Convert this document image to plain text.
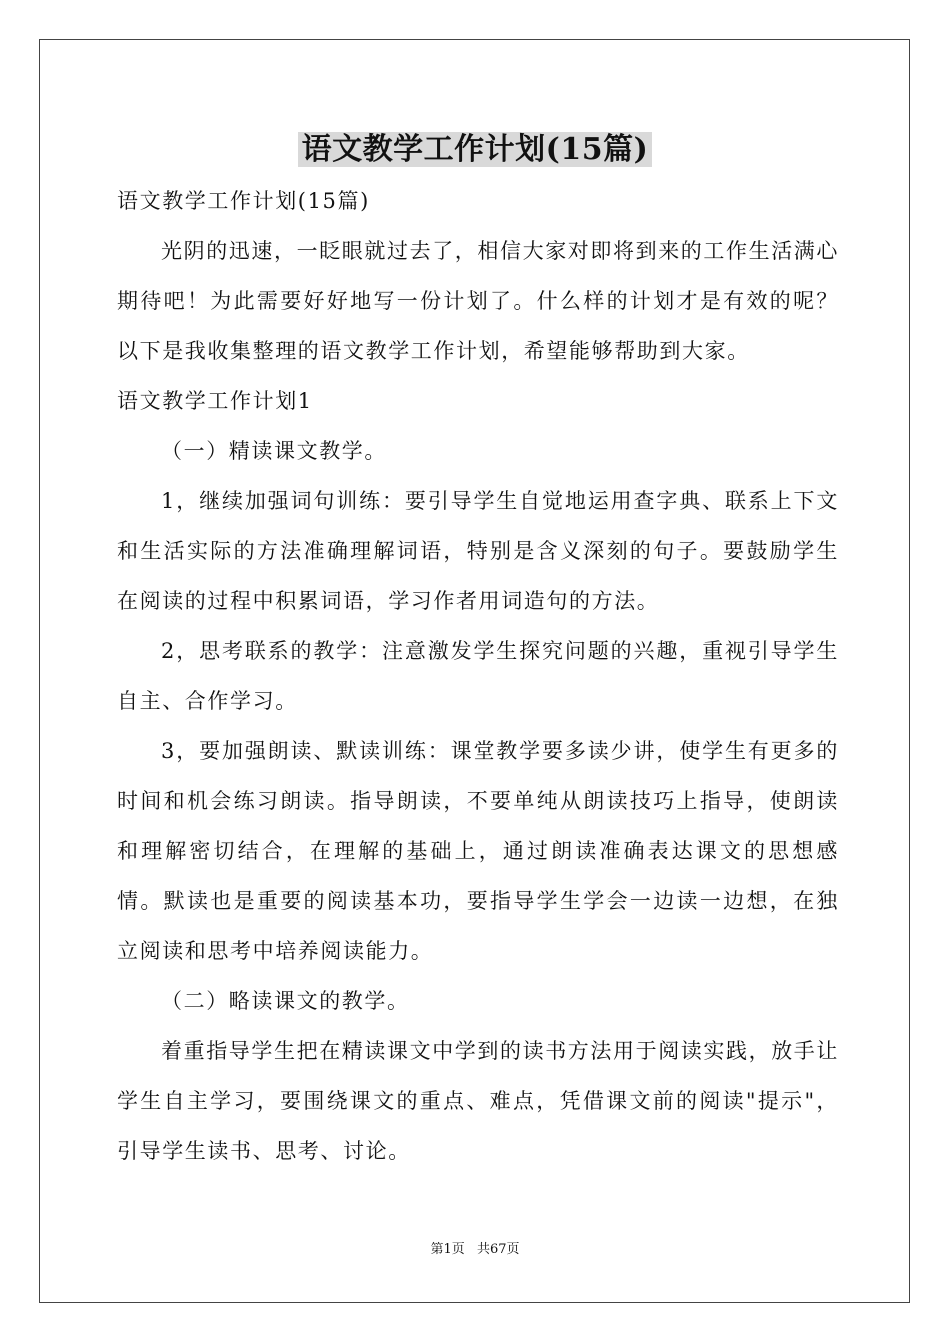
语文教学工作计划(15篇)

语文教学工作计划(15篇)

光阴的迅速，一眨眼就过去了，相信大家对即将到来的工作生活满心期待吧！为此需要好好地写一份计划了。什么样的计划才是有效的呢？以下是我收集整理的语文教学工作计划，希望能够帮助到大家。

语文教学工作计划1

（一）精读课文教学。

1，继续加强词句训练：要引导学生自觉地运用查字典、联系上下文和生活实际的方法准确理解词语，特别是含义深刻的句子。要鼓励学生在阅读的过程中积累词语，学习作者用词造句的方法。

2，思考联系的教学：注意激发学生探究问题的兴趣，重视引导学生自主、合作学习。

3，要加强朗读、默读训练：课堂教学要多读少讲，使学生有更多的时间和机会练习朗读。指导朗读，不要单纯从朗读技巧上指导，使朗读和理解密切结合，在理解的基础上，通过朗读准确表达课文的思想感情。默读也是重要的阅读基本功，要指导学生学会一边读一边想，在独立阅读和思考中培养阅读能力。

（二）略读课文的教学。

着重指导学生把在精读课文中学到的读书方法用于阅读实践，放手让学生自主学习，要围绕课文的重点、难点，凭借课文前的阅读"提示"，引导学生读书、思考、讨论。

第1页 共67页
